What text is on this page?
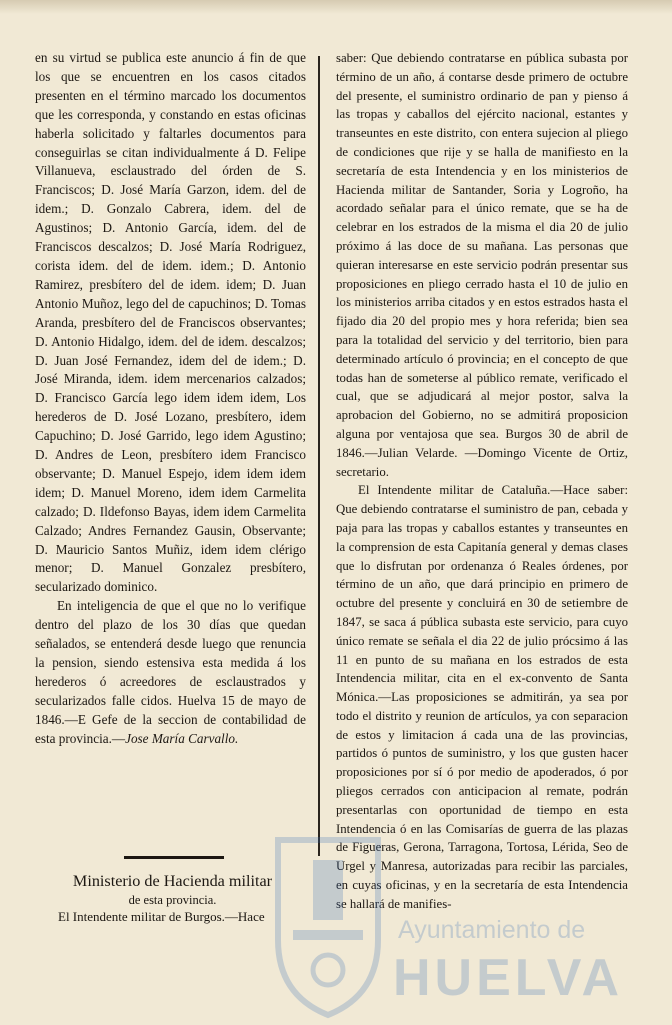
en su virtud se publica este anuncio á fin de que los que se encuentren en los casos citados presenten en el término marcado los documentos que les corresponda, y constando en estas oficinas haberla solicitado y faltarles documentos para conseguirlas se citan individualmente á D. Felipe Villanueva, esclaustrado del órden de S. Franciscos; D. José María Garzon, idem. del de idem.; D. Gonzalo Cabrera, idem. del de Agustinos; D. Antonio García, idem. del de Franciscos descalzos; D. José María Rodriguez, corista idem. del de idem. idem.; D. Antonio Ramirez, presbítero del de idem. idem; D. Juan Antonio Muñoz, lego del de capuchinos; D. Tomas Aranda, presbítero del de Franciscos observantes; D. Antonio Hidalgo, idem. del de idem. descalzos; D. Juan José Fernandez, idem del de idem.; D. José Miranda, idem. idem mercenarios calzados; D. Francisco García lego idem idem idem, Los herederos de D. José Lozano, presbítero, idem Capuchino; D. José Garrido, lego idem Agustino; D. Andres de Leon, presbítero idem Francisco observante; D. Manuel Espejo, idem idem idem idem; D. Manuel Moreno, idem idem Carmelita calzado; D. Ildefonso Bayas, idem idem Carmelita Calzado; Andres Fernandez Gausin, Observante; D. Mauricio Santos Muñiz, idem idem clérigo menor; D. Manuel Gonzalez presbítero, secularizado dominico.

En inteligencia de que el que no lo verifique dentro del plazo de los 30 días que quedan señalados, se entenderá desde luego que renuncia la pension, siendo estensiva esta medida á los herederos ó acreedores de esclaustrados y secularizados falle cidos. Huelva 15 de mayo de 1846.—E Gefe de la seccion de contabilidad de esta provincia.—Jose María Carvallo.

Ministerio de Hacienda militar
de esta provincia.
El Intendente militar de Burgos.—Hace

saber: Que debiendo contratarse en pública subasta por término de un año, á contarse desde primero de octubre del presente, el suministro ordinario de pan y pienso á las tropas y caballos del ejército nacional, estantes y transeuntes en este distrito, con entera sujecion al pliego de condiciones que rije y se halla de manifiesto en la secretaría de esta Intendencia y en los ministerios de Hacienda militar de Santander, Soria y Logroño, ha acordado señalar para el único remate, que se ha de celebrar en los estrados de la misma el dia 20 de julio próximo á las doce de su mañana. Las personas que quieran interesarse en este servicio podrán presentar sus proposiciones en pliego cerrado hasta el 10 de julio en los ministerios arriba citados y en estos estrados hasta el fijado dia 20 del propio mes y hora referida; bien sea para la totalidad del servicio y del territorio, bien para determinado artículo ó provincia; en el concepto de que todas han de someterse al público remate, verificado el cual, que se adjudicará al mejor postor, salva la aprobacion del Gobierno, no se admitirá proposicion alguna por ventajosa que sea. Burgos 30 de abril de 1846.—Julian Velarde. —Domingo Vicente de Ortiz, secretario.

El Intendente militar de Cataluña.—Hace saber: Que debiendo contratarse el suministro de pan, cebada y paja para las tropas y caballos estantes y transeuntes en la comprension de esta Capitanía general y demas clases que lo disfrutan por ordenanza ó Reales órdenes, por término de un año, que dará principio en primero de octubre del presente y concluirá en 30 de setiembre de 1847, se saca á pública subasta este servicio, para cuyo único remate se señala el dia 22 de julio prócsimo á las 11 en punto de su mañana en los estrados de esta Intendencia militar, cita en el ex-convento de Santa Mónica.—Las proposiciones se admitirán, ya sea por todo el distrito y reunion de artículos, ya con separacion de estos y limitacion á cada una de las provincias, partidos ó puntos de suministro, y los que gusten hacer proposiciones por sí ó por medio de apoderados, ó por pliegos cerrados con anticipacion al remate, podrán presentarlas con oportunidad de tiempo en esta Intendencia ó en las Comisarías de guerra de las plazas de Figueras, Gerona, Tarragona, Tortosa, Lérida, Seo de Urgel y Manresa, autorizadas para recibir las parciales, en cuyas oficinas, y en la secretaría de esta Intendencia se hallará de manifies-

Ayuntamiento de
HUELVA
